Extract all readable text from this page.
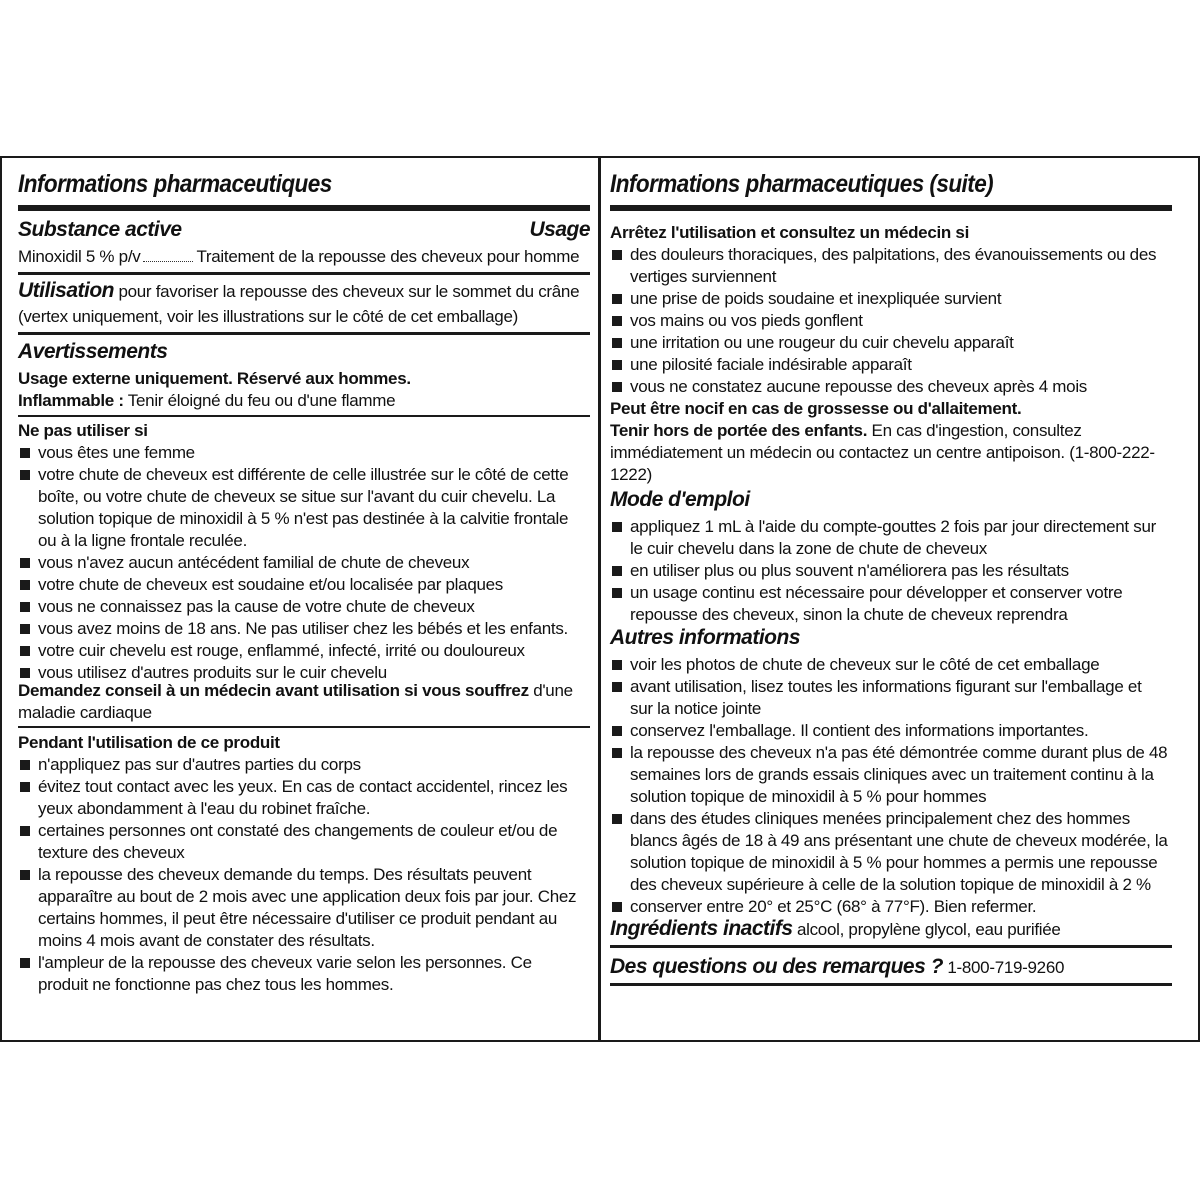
Informations pharmaceutiques
Substance active	Usage
Minoxidil 5 % p/v	Traitement de la repousse des cheveux pour homme
Utilisation pour favoriser la repousse des cheveux sur le sommet du crâne
(vertex uniquement, voir les illustrations sur le côté de cet emballage)
Avertissements
Usage externe uniquement. Réservé aux hommes.
Inflammable : Tenir éloigné du feu ou d'une flamme
Ne pas utiliser si
vous êtes une femme
votre chute de cheveux est différente de celle illustrée sur le côté de cette
boîte, ou votre chute de cheveux se situe sur l'avant du cuir chevelu. La
solution topique de minoxidil à 5 % n'est pas destinée à la calvitie frontale
ou à la ligne frontale reculée.
vous n'avez aucun antécédent familial de chute de cheveux
votre chute de cheveux est soudaine et/ou localisée par plaques
vous ne connaissez pas la cause de votre chute de cheveux
vous avez moins de 18 ans. Ne pas utiliser chez les bébés et les enfants.
votre cuir chevelu est rouge, enflammé, infecté, irrité ou douloureux
vous utilisez d'autres produits sur le cuir chevelu
Demandez conseil à un médecin avant utilisation si vous souffrez d'une
maladie cardiaque
Pendant l'utilisation de ce produit
n'appliquez pas sur d'autres parties du corps
évitez tout contact avec les yeux. En cas de contact accidentel, rincez les
yeux abondamment à l'eau du robinet fraîche.
certaines personnes ont constaté des changements de couleur et/ou de
texture des cheveux
la repousse des cheveux demande du temps. Des résultats peuvent
apparaître au bout de 2 mois avec une application deux fois par jour. Chez
certains hommes, il peut être nécessaire d'utiliser ce produit pendant au
moins 4 mois avant de constater des résultats.
l'ampleur de la repousse des cheveux varie selon les personnes. Ce
produit ne fonctionne pas chez tous les hommes.
Informations pharmaceutiques (suite)
Arrêtez l'utilisation et consultez un médecin si
des douleurs thoraciques, des palpitations, des évanouissements ou des
vertiges surviennent
une prise de poids soudaine et inexpliquée survient
vos mains ou vos pieds gonflent
une irritation ou une rougeur du cuir chevelu apparaît
une pilosité faciale indésirable apparaît
vous ne constatez aucune repousse des cheveux après 4 mois
Peut être nocif en cas de grossesse ou d'allaitement.
Tenir hors de portée des enfants. En cas d'ingestion, consultez
immédiatement un médecin ou contactez un centre antipoison. (1-800-222-
1222)
Mode d'emploi
appliquez 1 mL à l'aide du compte-gouttes 2 fois par jour directement sur
le cuir chevelu dans la zone de chute de cheveux
en utiliser plus ou plus souvent n'améliorera pas les résultats
un usage continu est nécessaire pour développer et conserver votre
repousse des cheveux, sinon la chute de cheveux reprendra
Autres informations
voir les photos de chute de cheveux sur le côté de cet emballage
avant utilisation, lisez toutes les informations figurant sur l'emballage et
sur la notice jointe
conservez l'emballage. Il contient des informations importantes.
la repousse des cheveux n'a pas été démontrée comme durant plus de 48
semaines lors de grands essais cliniques avec un traitement continu à la
solution topique de minoxidil à 5 % pour hommes
dans des études cliniques menées principalement chez des hommes
blancs âgés de 18 à 49 ans présentant une chute de cheveux modérée, la
solution topique de minoxidil à 5 % pour hommes a permis une repousse
des cheveux supérieure à celle de la solution topique de minoxidil à 2 %
conserver entre 20° et 25°C (68° à 77°F). Bien refermer.
Ingrédients inactifs alcool, propylène glycol, eau purifiée
Des questions ou des remarques ? 1-800-719-9260
